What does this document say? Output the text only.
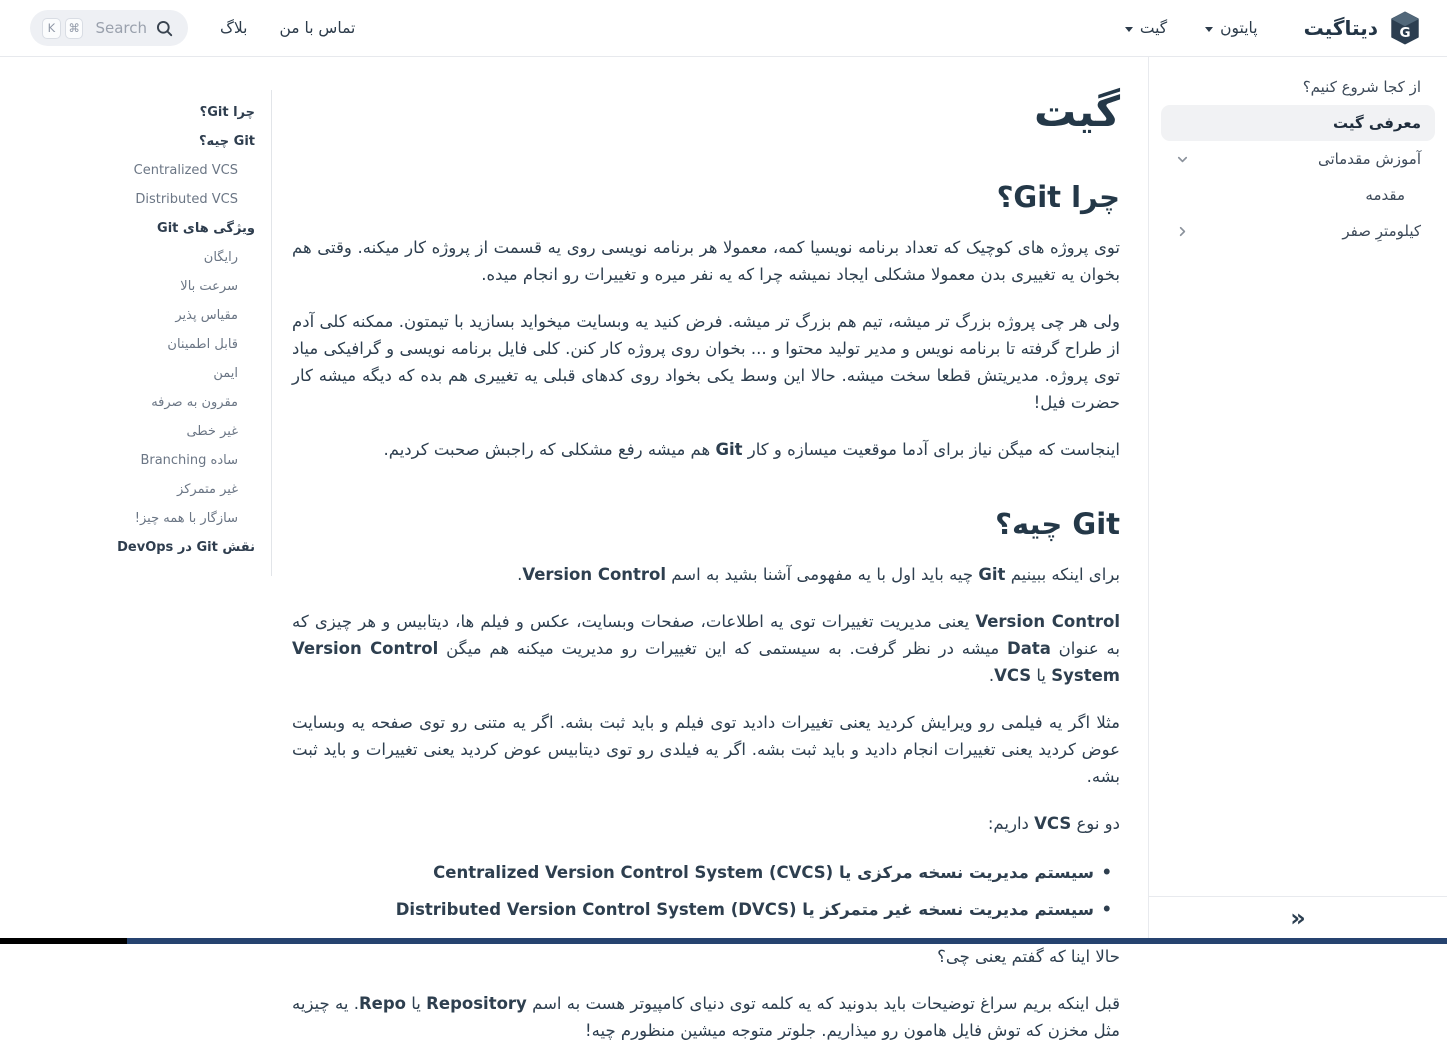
G
دیتاگیت
پایتون
گیت
تماس با من
بلاگ
Search
⌘
K
از کجا شروع کنیم؟
معرفی گیت
آموزش مقدماتی
مقدمه
کیلومترِ صفر
»
گیت
چرا Git؟

توی پروژه های کوچیک که تعداد برنامه نویسیا کمه، معمولا هر برنامه نویسی روی یه قسمت از پروژه کار میکنه. وقتی هم بخوان یه تغییری بدن معمولا مشکلی ایجاد نمیشه چرا که یه نفر میره و تغییرات رو انجام میده.

ولی هر چی پروژه بزرگ تر میشه، تیم هم بزرگ تر میشه. فرض کنید یه وبسایت میخواید بسازید با تیمتون. ممکنه کلی آدم از طراح گرفته تا برنامه نویس و مدیر تولید محتوا و ... بخوان روی پروژه کار کنن. کلی فایل برنامه نویسی و گرافیکی میاد توی پروژه. مدیریتش قطعا سخت میشه. حالا این وسط یکی بخواد روی کدهای قبلی یه تغییری هم بده که دیگه میشه کار حضرت فیل!

اینجاست که میگن نیاز برای آدما موقعیت میسازه و کار Git هم میشه رفع مشکلی که راجبش صحبت کردیم.

Git چیه؟

برای اینکه ببینیم Git چیه باید اول با یه مفهومی آشنا بشید به اسم Version Control.

Version Control یعنی مدیریت تغییرات توی یه اطلاعات، صفحات وبسایت، عکس و فیلم ها، دیتابیس و هر چیزی که به عنوان Data میشه در نظر گرفت. به سیستمی که این تغییرات رو مدیریت میکنه هم میگن Version Control System یا VCS.

مثلا اگر یه فیلمی رو ویرایش کردید یعنی تغییرات دادید توی فیلم و باید ثبت بشه. اگر یه متنی رو توی صفحه یه وبسایت عوض کردید یعنی تغییرات انجام دادید و باید ثبت بشه. اگر یه فیلدی رو توی دیتابیس عوض کردید یعنی تغییرات و باید ثبت بشه.

دو نوع VCS داریم:

• سیستم مدیریت نسخه مرکزی یا Centralized Version Control System (CVCS)
• سیستم مدیریت نسخه غیر متمرکز یا Distributed Version Control System (DVCS)

حالا اینا که گفتم یعنی چی؟

قبل اینکه بریم سراغ توضیحات باید بدونید که یه کلمه توی دنیای کامپیوتر هست به اسم Repository یا Repo. یه چیزیه مثل مخزن که توش فایل هامون رو میذاریم. جلوتر متوجه میشین منظورم چیه!

چرا Git؟
Git چیه؟
Centralized VCS
Distributed VCS
ویژگی های Git
رایگان
سرعت بالا
مقیاس پذیر
قابل اطمینان
ایمن
مقرون به صرفه
غیر خطی
ساده Branching
غیر متمرکز
سازگار با همه چیز!
نقش Git در DevOps
